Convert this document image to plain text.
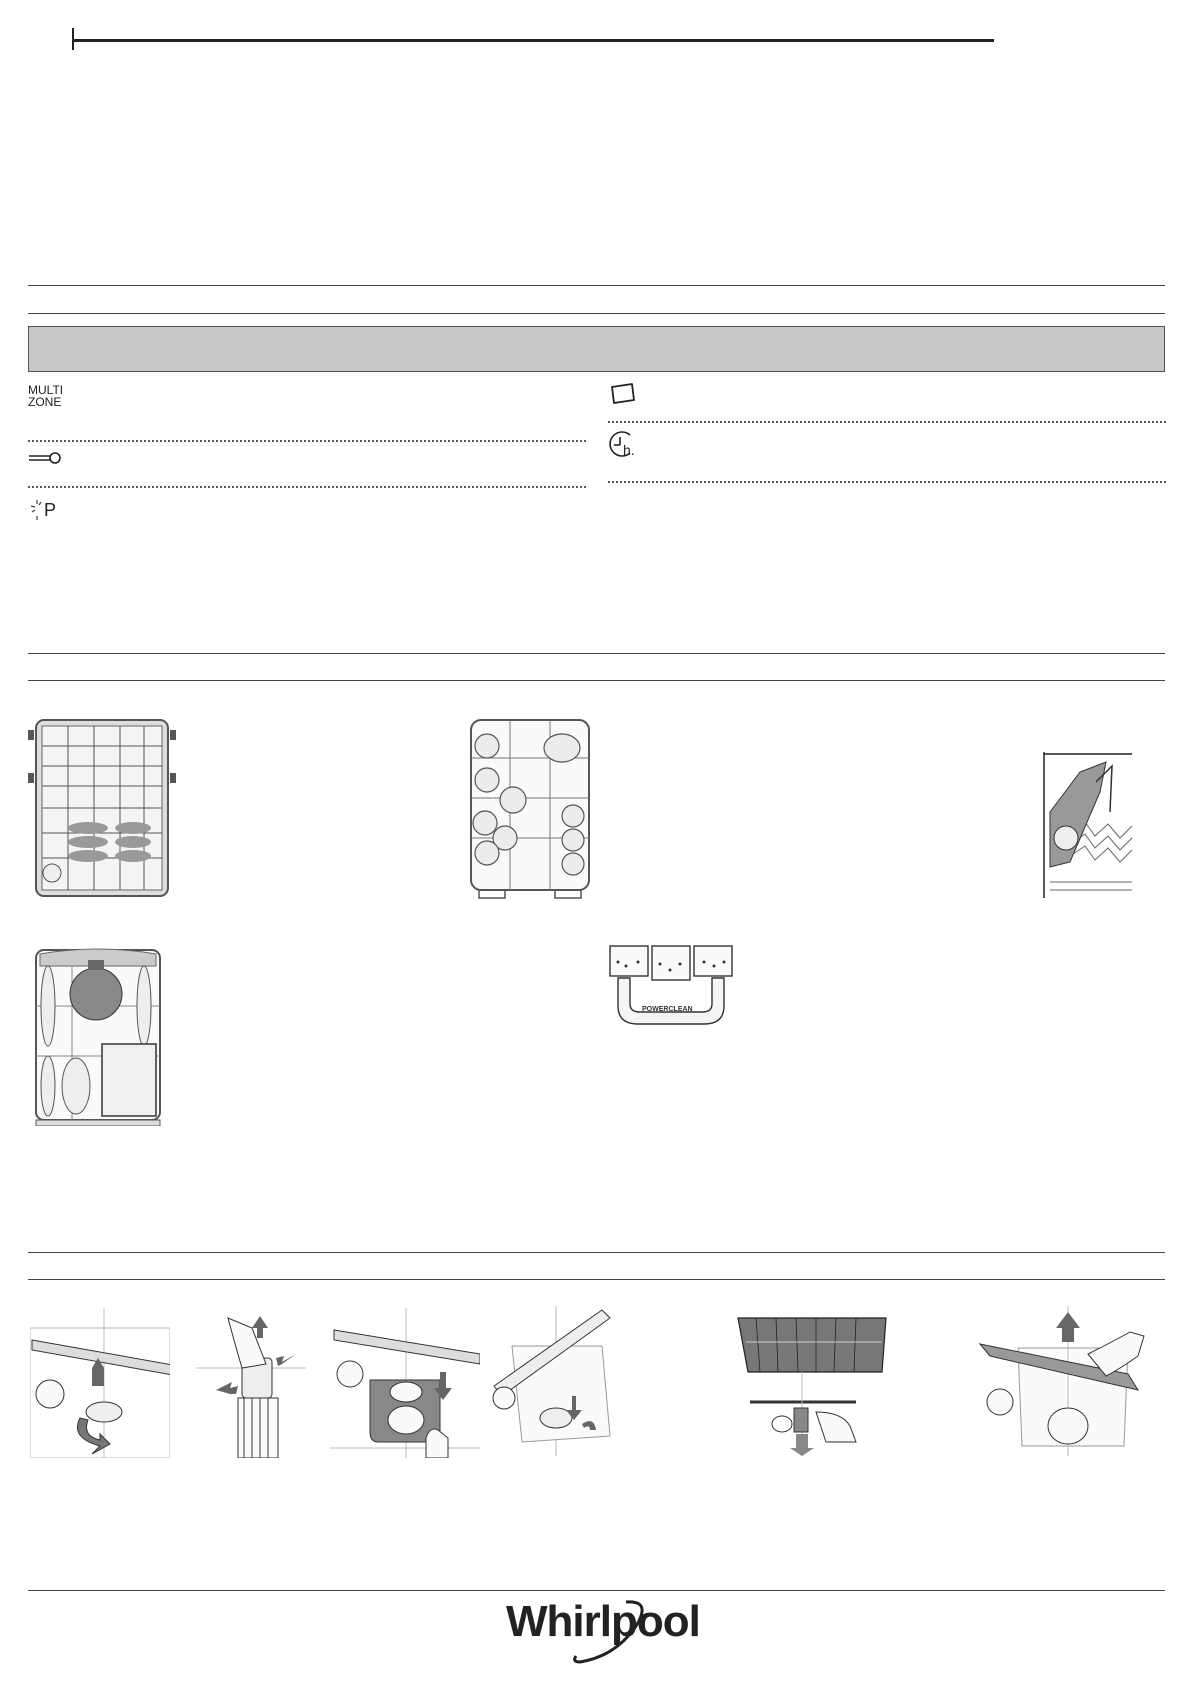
MULTI
ZONE
P
h.
POWERCLEAN
Whirlpool
